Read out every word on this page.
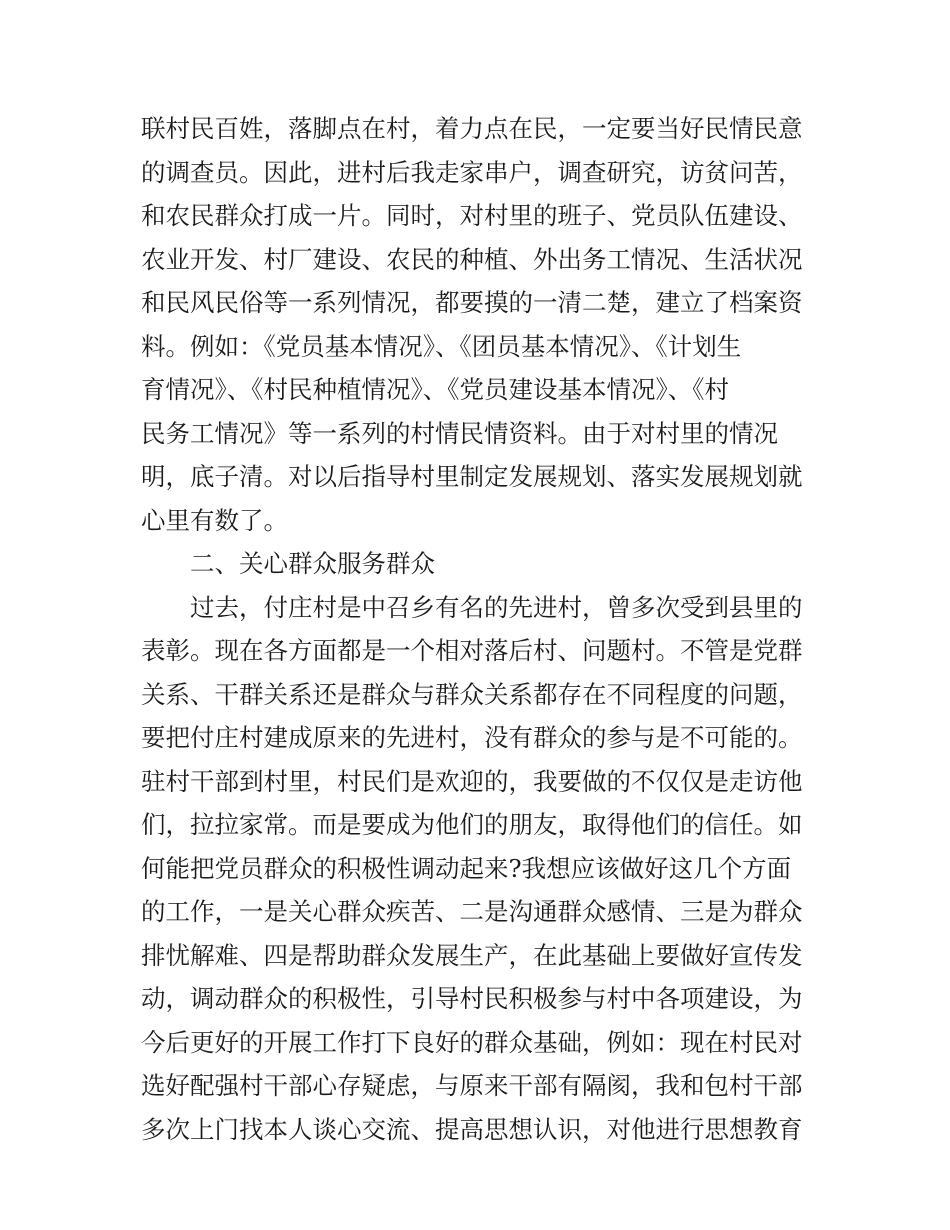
联村民百姓，落脚点在村，着力点在民，一定要当好民情民意
的调查员。因此，进村后我走家串户，调查研究，访贫问苦，
和农民群众打成一片。同时，对村里的班子、党员队伍建设、
农业开发、村厂建设、农民的种植、外出务工情况、生活状况
和民风民俗等一系列情况，都要摸的一清二楚，建立了档案资
料。例如：《党员基本情况》、《团员基本情况》、《计划生
育情况》、《村民种植情况》、《党员建设基本情况》、《村
民务工情况》等一系列的村情民情资料。由于对村里的情况
明，底子清。对以后指导村里制定发展规划、落实发展规划就
心里有数了。
二、关心群众服务群众
过去，付庄村是中召乡有名的先进村，曾多次受到县里的
表彰。现在各方面都是一个相对落后村、问题村。不管是党群
关系、干群关系还是群众与群众关系都存在不同程度的问题，
要把付庄村建成原来的先进村，没有群众的参与是不可能的。
驻村干部到村里，村民们是欢迎的，我要做的不仅仅是走访他
们，拉拉家常。而是要成为他们的朋友，取得他们的信任。如
何能把党员群众的积极性调动起来?我想应该做好这几个方面
的工作，一是关心群众疾苦、二是沟通群众感情、三是为群众
排忧解难、四是帮助群众发展生产，在此基础上要做好宣传发
动，调动群众的积极性，引导村民积极参与村中各项建设，为
今后更好的开展工作打下良好的群众基础，例如：现在村民对
选好配强村干部心存疑虑，与原来干部有隔阂，我和包村干部
多次上门找本人谈心交流、提高思想认识，对他进行思想教育
